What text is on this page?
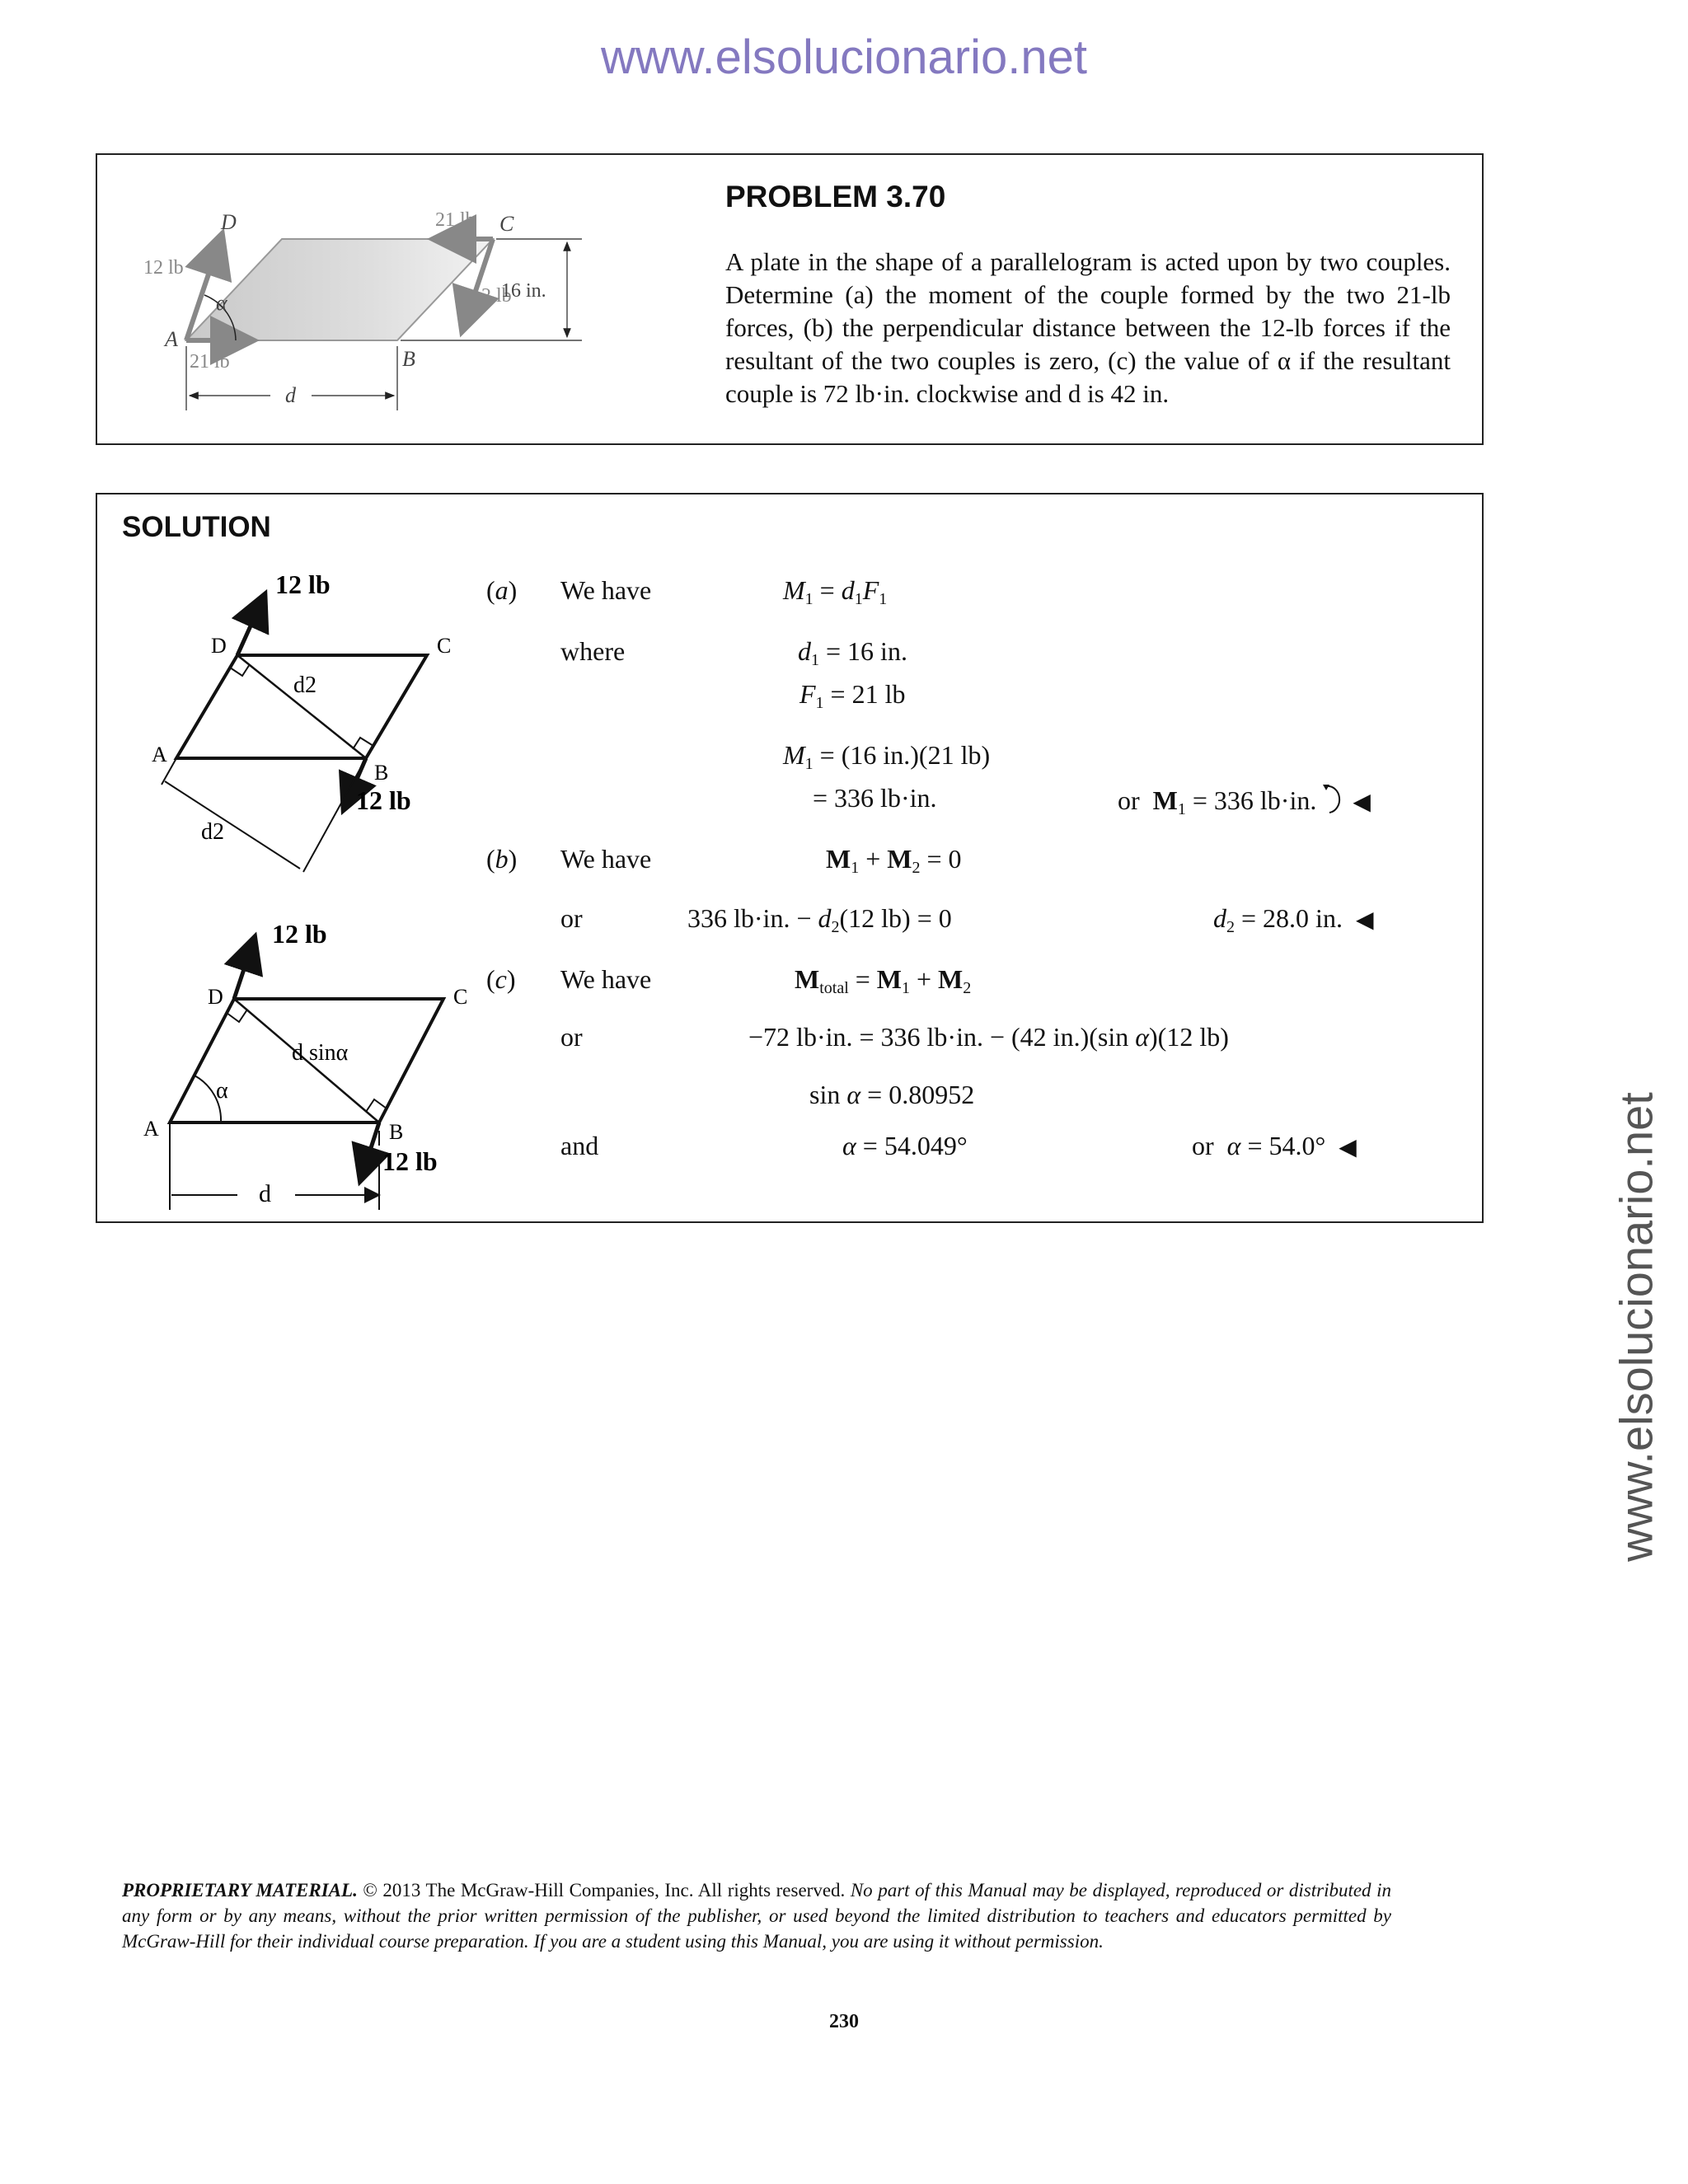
www.elsolucionario.net
www.elsolucionario.net
D	C
A
B
21 lb
21 lb
12 lb
12 lb
16 in.
α
d
PROBLEM 3.70
A plate in the shape of a parallelogram is acted upon by two couples. Determine (a) the moment of the couple formed by the two 21-lb forces, (b) the perpendicular distance between the 12-lb forces if the resultant of the two couples is zero, (c) the value of α if the resultant couple is 72 lb·in. clockwise and d is 42 in.
SOLUTION
12 lb
12 lb
D	C
A
B
d2
d2
12 lb
12 lb
D	C
A	B
d sinα
α
d
(a) We have	$M_1 = d_1F_1$
where	$d_1 = 16$ in.
$F_1 = 21$ lb
$M_1 = (16$ in.)(21 lb)
= 336 lb·in.	or  $M_1 = 336$ lb·in. ◀
(b) We have	$M_1 + M_2 = 0$
or	336 lb·in. − $d_2(12$ lb) = 0	$d_2 = 28.0$ in.  ◀
(c) We have	$M_{total} = M_1 + M_2$
or	−72 lb·in. = 336 lb·in. − (42 in.)(sin α)(12 lb)
sin α = 0.80952
and	α = 54.049°	or  α = 54.0°  ◀
PROPRIETARY MATERIAL. © 2013 The McGraw-Hill Companies, Inc. All rights reserved. No part of this Manual may be displayed, reproduced or distributed in any form or by any means, without the prior written permission of the publisher, or used beyond the limited distribution to teachers and educators permitted by McGraw-Hill for their individual course preparation. If you are a student using this Manual, you are using it without permission.
230
